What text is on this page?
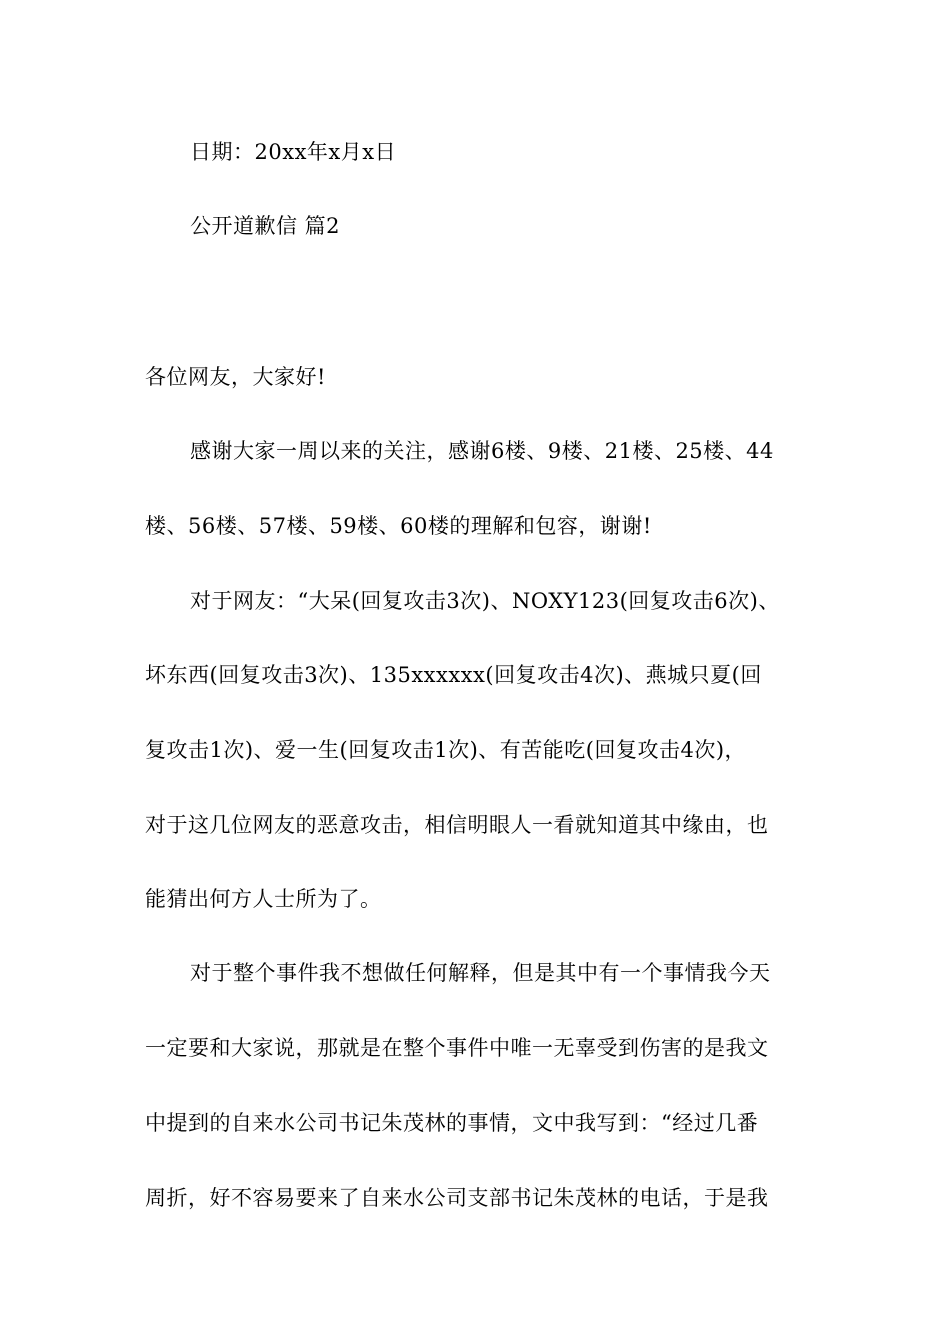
日期：20xx年x月x日
公开道歉信 篇2
各位网友，大家好!
感谢大家一周以来的关注，感谢6楼、9楼、21楼、25楼、44
楼、56楼、57楼、59楼、60楼的理解和包容，谢谢!
对于网友：“大呆(回复攻击3次)、NOXY123(回复攻击6次)、
坏东西(回复攻击3次)、135xxxxxx(回复攻击4次)、燕城只夏(回
复攻击1次)、爱一生(回复攻击1次)、有苦能吃(回复攻击4次)，
对于这几位网友的恶意攻击，相信明眼人一看就知道其中缘由，也
能猜出何方人士所为了。
对于整个事件我不想做任何解释，但是其中有一个事情我今天
一定要和大家说，那就是在整个事件中唯一无辜受到伤害的是我文
中提到的自来水公司书记朱茂林的事情，文中我写到：“经过几番
周折，好不容易要来了自来水公司支部书记朱茂林的电话，于是我
